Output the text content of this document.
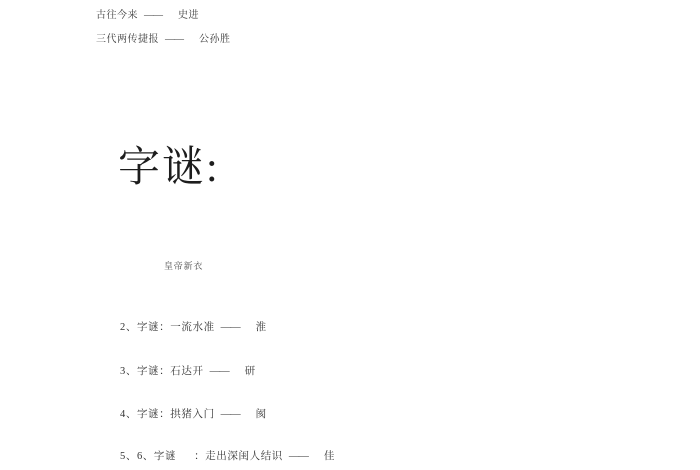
古往今来 —— 史进
三代两传捷报 —— 公孙胜
字谜:
皇帝新衣
2、字谜：一流水准 —— 淮
3、字谜：石达开 —— 研
4、字谜：拱猪入门 —— 阂
5、6、字谜 ：走出深闺人结识 —— 佳
